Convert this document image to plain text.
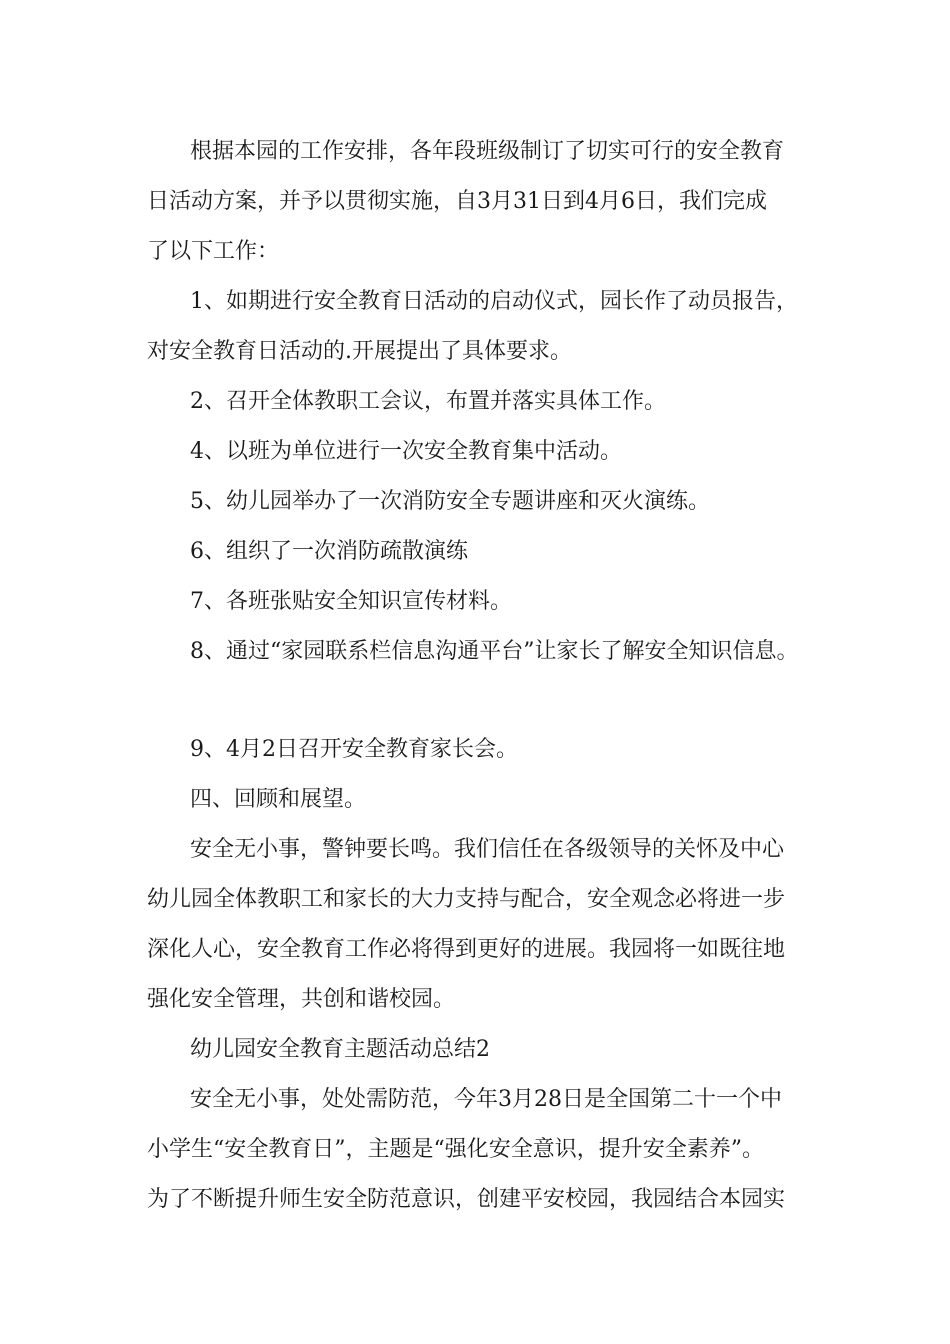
根据本园的工作安排，各年段班级制订了切实可行的安全教育
日活动方案，并予以贯彻实施，自3月31日到4月6日，我们完成
了以下工作：
1、如期进行安全教育日活动的启动仪式，园长作了动员报告，
对安全教育日活动的.开展提出了具体要求。
2、召开全体教职工会议，布置并落实具体工作。
4、以班为单位进行一次安全教育集中活动。
5、幼儿园举办了一次消防安全专题讲座和灭火演练。
6、组织了一次消防疏散演练
7、各班张贴安全知识宣传材料。
8、通过“家园联系栏信息沟通平台”让家长了解安全知识信息。
9、4月2日召开安全教育家长会。
四、回顾和展望。
安全无小事，警钟要长鸣。我们信任在各级领导的关怀及中心
幼儿园全体教职工和家长的大力支持与配合，安全观念必将进一步
深化人心，安全教育工作必将得到更好的进展。我园将一如既往地
强化安全管理，共创和谐校园。
幼儿园安全教育主题活动总结2
安全无小事，处处需防范，今年3月28日是全国第二十一个中
小学生“安全教育日”，主题是“强化安全意识，提升安全素养”。
为了不断提升师生安全防范意识，创建平安校园，我园结合本园实
